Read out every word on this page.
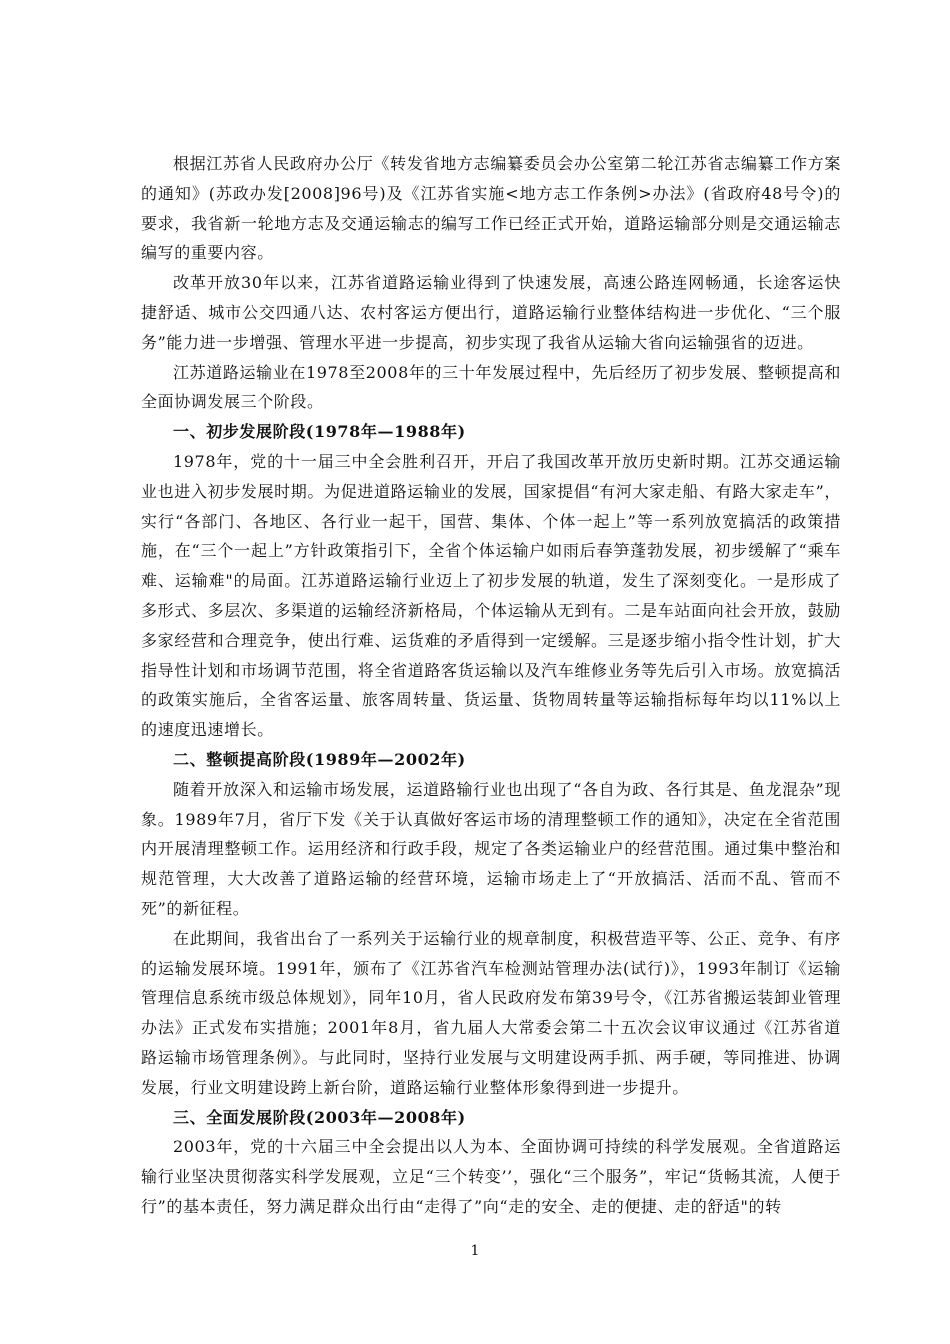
根据江苏省人民政府办公厅《转发省地方志编纂委员会办公室第二轮江苏省志编纂工作方案的通知》(苏政办发[2008]96号)及《江苏省实施<地方志工作条例>办法》(省政府48号令)的要求，我省新一轮地方志及交通运输志的编写工作已经正式开始，道路运输部分则是交通运输志编写的重要内容。

改革开放30年以来，江苏省道路运输业得到了快速发展，高速公路连网畅通，长途客运快捷舒适、城市公交四通八达、农村客运方便出行，道路运输行业整体结构进一步优化、“三个服务”能力进一步增强、管理水平进一步提高，初步实现了我省从运输大省向运输强省的迈进。

江苏道路运输业在1978至2008年的三十年发展过程中，先后经历了初步发展、整顿提高和全面协调发展三个阶段。

一、初步发展阶段(1978年—1988年)

1978年，党的十一届三中全会胜利召开，开启了我国改革开放历史新时期。江苏交通运输业也进入初步发展时期。为促进道路运输业的发展，国家提倡“有河大家走船、有路大家走车”，实行“各部门、各地区、各行业一起干，国营、集体、个体一起上”等一系列放宽搞活的政策措施，在“三个一起上”方针政策指引下，全省个体运输户如雨后春笋蓬勃发展，初步缓解了“乘车难、运输难"的局面。江苏道路运输行业迈上了初步发展的轨道，发生了深刻变化。一是形成了多形式、多层次、多渠道的运输经济新格局，个体运输从无到有。二是车站面向社会开放，鼓励多家经营和合理竞争，使出行难、运货难的矛盾得到一定缓解。三是逐步缩小指令性计划，扩大指导性计划和市场调节范围，将全省道路客货运输以及汽车维修业务等先后引入市场。放宽搞活的政策实施后，全省客运量、旅客周转量、货运量、货物周转量等运输指标每年均以11%以上的速度迅速增长。

二、整顿提高阶段(1989年—2002年)

随着开放深入和运输市场发展，运道路输行业也出现了“各自为政、各行其是、鱼龙混杂”现象。1989年7月，省厅下发《关于认真做好客运市场的清理整顿工作的通知》，决定在全省范围内开展清理整顿工作。运用经济和行政手段，规定了各类运输业户的经营范围。通过集中整治和规范管理，大大改善了道路运输的经营环境，运输市场走上了“开放搞活、活而不乱、管而不死”的新征程。

在此期间，我省出台了一系列关于运输行业的规章制度，积极营造平等、公正、竞争、有序的运输发展环境。1991年，颁布了《江苏省汽车检测站管理办法(试行)》，1993年制订《运输管理信息系统市级总体规划》，同年10月，省人民政府发布第39号令，《江苏省搬运装卸业管理办法》正式发布实措施；2001年8月，省九届人大常委会第二十五次会议审议通过《江苏省道路运输市场管理条例》。与此同时，坚持行业发展与文明建设两手抓、两手硬，等同推进、协调发展，行业文明建设跨上新台阶，道路运输行业整体形象得到进一步提升。

三、全面发展阶段(2003年—2008年)

2003年，党的十六届三中全会提出以人为本、全面协调可持续的科学发展观。全省道路运输行业坚决贯彻落实科学发展观，立足“三个转变’’，强化“三个服务”，牢记“货畅其流，人便于行”的基本责任，努力满足群众出行由“走得了”向“走的安全、走的便捷、走的舒适"的转

1
